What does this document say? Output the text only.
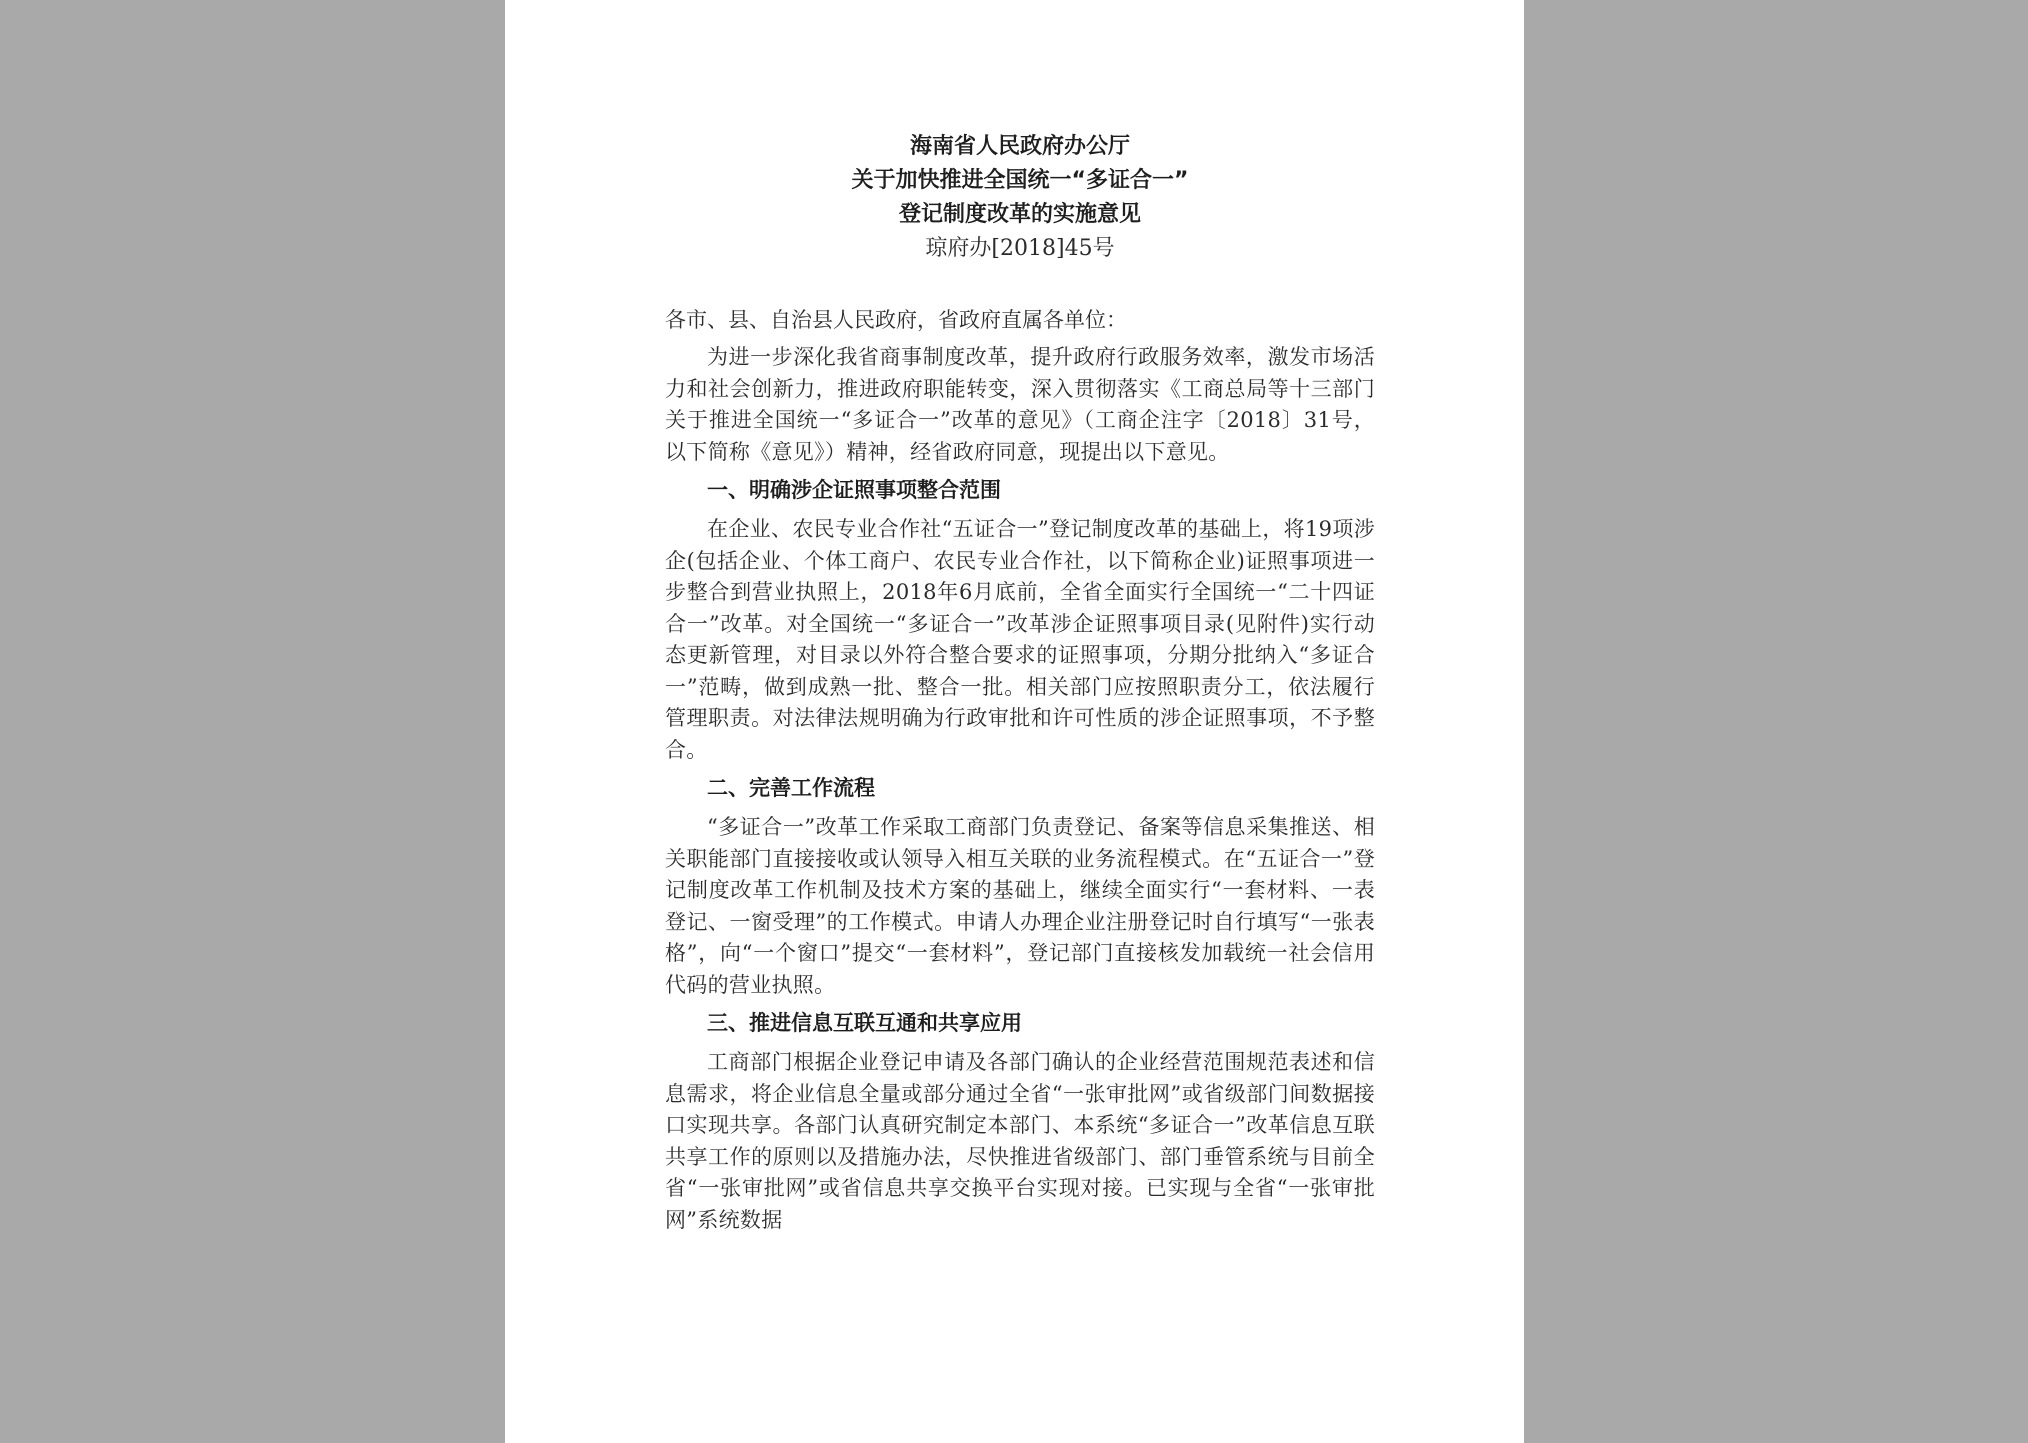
海南省人民政府办公厅

关于加快推进全国统一“多证合一”

登记制度改革的实施意见

琼府办[2018]45号

各市、县、自治县人民政府，省政府直属各单位：

为进一步深化我省商事制度改革，提升政府行政服务效率，激发市场活力和社会创新力，推进政府职能转变，深入贯彻落实《工商总局等十三部门关于推进全国统一“多证合一”改革的意见》（工商企注字〔2018〕31号，以下简称《意见》）精神，经省政府同意，现提出以下意见。

一、明确涉企证照事项整合范围

在企业、农民专业合作社“五证合一”登记制度改革的基础上，将19项涉企(包括企业、个体工商户、农民专业合作社，以下简称企业)证照事项进一步整合到营业执照上，2018年6月底前，全省全面实行全国统一“二十四证合一”改革。对全国统一“多证合一”改革涉企证照事项目录(见附件)实行动态更新管理，对目录以外符合整合要求的证照事项，分期分批纳入“多证合一”范畴，做到成熟一批、整合一批。相关部门应按照职责分工，依法履行管理职责。对法律法规明确为行政审批和许可性质的涉企证照事项，不予整合。

二、完善工作流程

“多证合一”改革工作采取工商部门负责登记、备案等信息采集推送、相关职能部门直接接收或认领导入相互关联的业务流程模式。在“五证合一”登记制度改革工作机制及技术方案的基础上，继续全面实行“一套材料、一表登记、一窗受理”的工作模式。申请人办理企业注册登记时自行填写“一张表格”，向“一个窗口”提交“一套材料”，登记部门直接核发加载统一社会信用代码的营业执照。

三、推进信息互联互通和共享应用

工商部门根据企业登记申请及各部门确认的企业经营范围规范表述和信息需求，将企业信息全量或部分通过全省“一张审批网”或省级部门间数据接口实现共享。各部门认真研究制定本部门、本系统“多证合一”改革信息互联共享工作的原则以及措施办法，尽快推进省级部门、部门垂管系统与目前全省“一张审批网”或省信息共享交换平台实现对接。已实现与全省“一张审批网”系统数据
